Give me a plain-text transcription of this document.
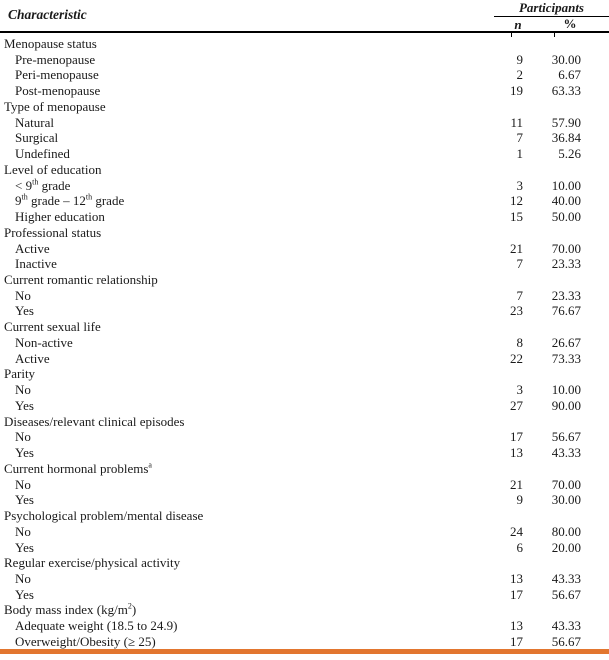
Characteristic	Participants
n	%
Menopause status
Pre-menopause	9	30.00
Peri-menopause	2	6.67
Post-menopause	19	63.33
Type of menopause
Natural	11	57.90
Surgical	7	36.84
Undefined	1	5.26
Level of education
< 9th grade	3	10.00
9th grade – 12th grade	12	40.00
Higher education	15	50.00
Professional status
Active	21	70.00
Inactive	7	23.33
Current romantic relationship
No	7	23.33
Yes	23	76.67
Current sexual life
Non-active	8	26.67
Active	22	73.33
Parity
No	3	10.00
Yes	27	90.00
Diseases/relevant clinical episodes
No	17	56.67
Yes	13	43.33
Current hormonal problems$^a$
No	21	70.00
Yes	9	30.00
Psychological problem/mental disease
No	24	80.00
Yes	6	20.00
Regular exercise/physical activity
No	13	43.33
Yes	17	56.67
Body mass index $(kg/m^2)$
Adequate weight (18.5 to 24.9)	13	43.33
Overweight/Obesity (≥ 25)	17	56.67
